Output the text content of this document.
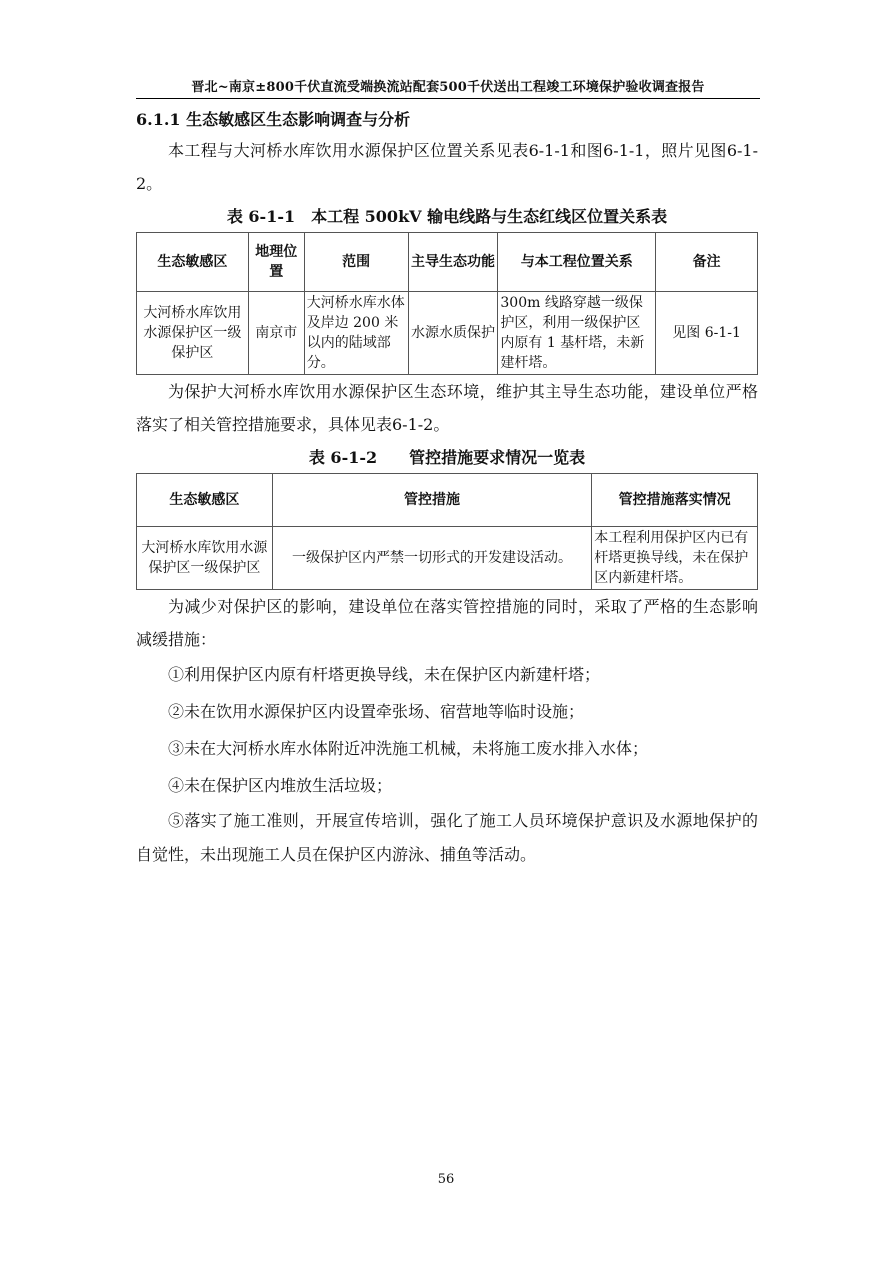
晋北~南京±800千伏直流受端换流站配套500千伏送出工程竣工环境保护验收调查报告

6.1.1 生态敏感区生态影响调查与分析

本工程与大河桥水库饮用水源保护区位置关系见表6-1-1和图6-1-1，照片见图6-1-2。

表 6-1-1　本工程 500kV 输电线路与生态红线区位置关系表

生态敏感区	地理位置	范围	主导生态功能	与本工程位置关系	备注
大河桥水库饮用水源保护区一级保护区	南京市	大河桥水库水体及岸边 200 米以内的陆域部分。	水源水质保护	300m 线路穿越一级保护区，利用一级保护区内原有 1 基杆塔，未新建杆塔。	见图 6-1-1

为保护大河桥水库饮用水源保护区生态环境，维护其主导生态功能，建设单位严格落实了相关管控措施要求，具体见表6-1-2。

表 6-1-2　　管控措施要求情况一览表

生态敏感区	管控措施	管控措施落实情况
大河桥水库饮用水源保护区一级保护区	一级保护区内严禁一切形式的开发建设活动。	本工程利用保护区内已有杆塔更换导线，未在保护区内新建杆塔。

为减少对保护区的影响，建设单位在落实管控措施的同时，采取了严格的生态影响减缓措施：

①利用保护区内原有杆塔更换导线，未在保护区内新建杆塔；

②未在饮用水源保护区内设置牵张场、宿营地等临时设施；

③未在大河桥水库水体附近冲洗施工机械，未将施工废水排入水体；

④未在保护区内堆放生活垃圾；

⑤落实了施工准则，开展宣传培训，强化了施工人员环境保护意识及水源地保护的自觉性，未出现施工人员在保护区内游泳、捕鱼等活动。

56
